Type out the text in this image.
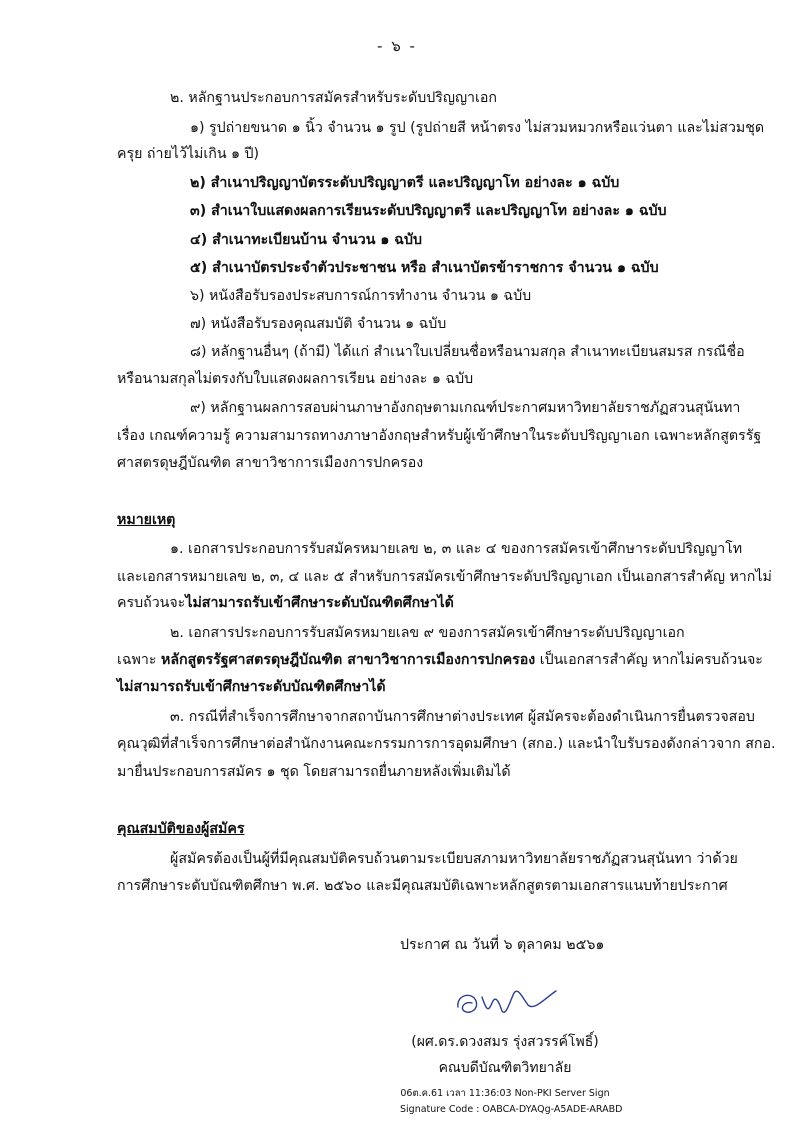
- ๖ -
๒. หลักฐานประกอบการสมัครสำหรับระดับปริญญาเอก
๑) รูปถ่ายขนาด ๑ นิ้ว จำนวน ๑ รูป (รูปถ่ายสี หน้าตรง ไม่สวมหมวกหรือแว่นตา และไม่สวมชุด
ครุย ถ่ายไว้ไม่เกิน ๑ ปี)
๒) สำเนาปริญญาบัตรระดับปริญญาตรี และปริญญาโท อย่างละ ๑ ฉบับ
๓) สำเนาใบแสดงผลการเรียนระดับปริญญาตรี และปริญญาโท อย่างละ ๑ ฉบับ
๔) สำเนาทะเบียนบ้าน จำนวน ๑ ฉบับ
๕) สำเนาบัตรประจำตัวประชาชน หรือ สำเนาบัตรข้าราชการ จำนวน ๑ ฉบับ
๖) หนังสือรับรองประสบการณ์การทำงาน จำนวน ๑ ฉบับ
๗) หนังสือรับรองคุณสมบัติ จำนวน ๑ ฉบับ
๘) หลักฐานอื่นๆ (ถ้ามี) ได้แก่ สำเนาใบเปลี่ยนชื่อหรือนามสกุล สำเนาทะเบียนสมรส กรณีชื่อ
หรือนามสกุลไม่ตรงกับใบแสดงผลการเรียน อย่างละ ๑ ฉบับ
๙) หลักฐานผลการสอบผ่านภาษาอังกฤษตามเกณฑ์ประกาศมหาวิทยาลัยราชภัฏสวนสุนันทา
เรื่อง เกณฑ์ความรู้ ความสามารถทางภาษาอังกฤษสำหรับผู้เข้าศึกษาในระดับปริญญาเอก เฉพาะหลักสูตรรัฐ
ศาสตรดุษฎีบัณฑิต สาขาวิชาการเมืองการปกครอง
หมายเหตุ
๑. เอกสารประกอบการรับสมัครหมายเลข ๒, ๓ และ ๔ ของการสมัครเข้าศึกษาระดับปริญญาโท
และเอกสารหมายเลข ๒, ๓, ๔ และ ๕ สำหรับการสมัครเข้าศึกษาระดับปริญญาเอก เป็นเอกสารสำคัญ หากไม่
ครบถ้วนจะไม่สามารถรับเข้าศึกษาระดับบัณฑิตศึกษาได้
๒. เอกสารประกอบการรับสมัครหมายเลข ๙ ของการสมัครเข้าศึกษาระดับปริญญาเอก
เฉพาะ หลักสูตรรัฐศาสตรดุษฎีบัณฑิต สาขาวิชาการเมืองการปกครอง เป็นเอกสารสำคัญ หากไม่ครบถ้วนจะ
ไม่สามารถรับเข้าศึกษาระดับบัณฑิตศึกษาได้
๓. กรณีที่สำเร็จการศึกษาจากสถาบันการศึกษาต่างประเทศ ผู้สมัครจะต้องดำเนินการยื่นตรวจสอบ
คุณวุฒิที่สำเร็จการศึกษาต่อสำนักงานคณะกรรมการการอุดมศึกษา (สกอ.) และนำใบรับรองดังกล่าวจาก สกอ.
มายื่นประกอบการสมัคร ๑ ชุด โดยสามารถยื่นภายหลังเพิ่มเติมได้
คุณสมบัติของผู้สมัคร
ผู้สมัครต้องเป็นผู้ที่มีคุณสมบัติครบถ้วนตามระเบียบสภามหาวิทยาลัยราชภัฏสวนสุนันทา ว่าด้วย
การศึกษาระดับบัณฑิตศึกษา พ.ศ. ๒๕๖๐ และมีคุณสมบัติเฉพาะหลักสูตรตามเอกสารแนบท้ายประกาศ
ประกาศ ณ วันที่ ๖ ตุลาคม ๒๕๖๑
(ผศ.ดร.ดวงสมร รุ่งสวรรค์โพธิ์)
คณบดีบัณฑิตวิทยาลัย
06ต.ค.61 เวลา 11:36:03 Non-PKI Server Sign
Signature Code : OABCA-DYAQg-A5ADE-ARABD
